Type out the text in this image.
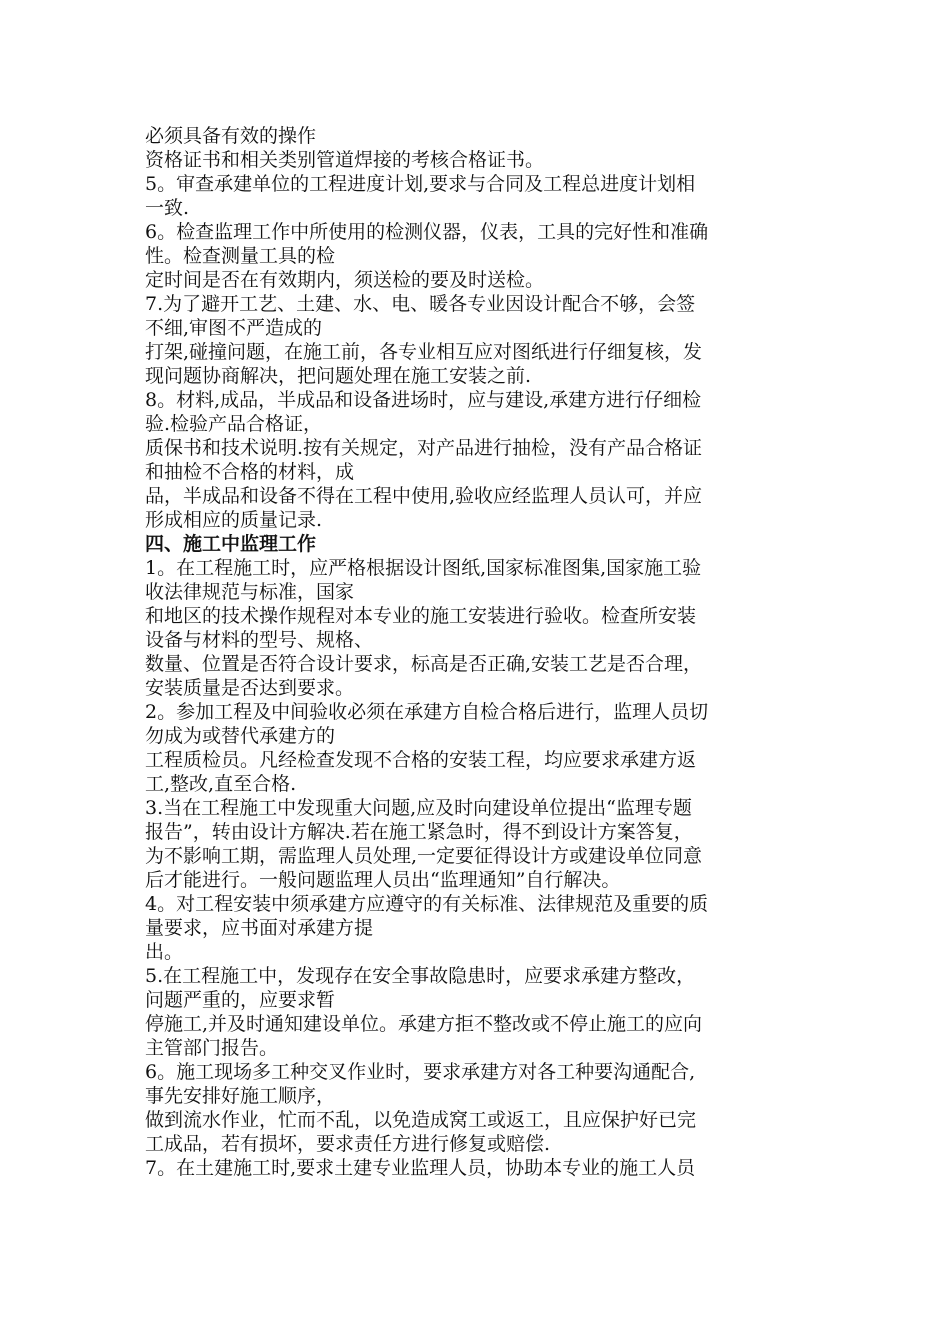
必须具备有效的操作
资格证书和相关类别管道焊接的考核合格证书。
5。审查承建单位的工程进度计划,要求与合同及工程总进度计划相
一致.
6。检查监理工作中所使用的检测仪器，仪表，工具的完好性和准确
性。检查测量工具的检
定时间是否在有效期内，须送检的要及时送检。
7.为了避开工艺、土建、水、电、暖各专业因设计配合不够，会签
不细,审图不严造成的
打架,碰撞问题，在施工前，各专业相互应对图纸进行仔细复核，发
现问题协商解决，把问题处理在施工安装之前.
8。材料,成品，半成品和设备进场时，应与建设,承建方进行仔细检
验.检验产品合格证，
质保书和技术说明.按有关规定，对产品进行抽检，没有产品合格证
和抽检不合格的材料，成
品，半成品和设备不得在工程中使用,验收应经监理人员认可，并应
形成相应的质量记录.
四、施工中监理工作
1。在工程施工时，应严格根据设计图纸,国家标准图集,国家施工验
收法律规范与标准，国家
和地区的技术操作规程对本专业的施工安装进行验收。检查所安装
设备与材料的型号、规格、
数量、位置是否符合设计要求，标高是否正确,安装工艺是否合理，
安装质量是否达到要求。
2。参加工程及中间验收必须在承建方自检合格后进行，监理人员切
勿成为或替代承建方的
工程质检员。凡经检查发现不合格的安装工程，均应要求承建方返
工,整改,直至合格.
3.当在工程施工中发现重大问题,应及时向建设单位提出“监理专题
报告”，转由设计方解决.若在施工紧急时，得不到设计方案答复，
为不影响工期，需监理人员处理,一定要征得设计方或建设单位同意
后才能进行。一般问题监理人员出“监理通知”自行解决。
4。对工程安装中须承建方应遵守的有关标准、法律规范及重要的质
量要求，应书面对承建方提
出。
5.在工程施工中，发现存在安全事故隐患时，应要求承建方整改，
问题严重的，应要求暂
停施工,并及时通知建设单位。承建方拒不整改或不停止施工的应向
主管部门报告。
6。施工现场多工种交叉作业时，要求承建方对各工种要沟通配合,
事先安排好施工顺序，
做到流水作业，忙而不乱，以免造成窝工或返工，且应保护好已完
工成品，若有损坏，要求责任方进行修复或赔偿.
7。在土建施工时,要求土建专业监理人员，协助本专业的施工人员
